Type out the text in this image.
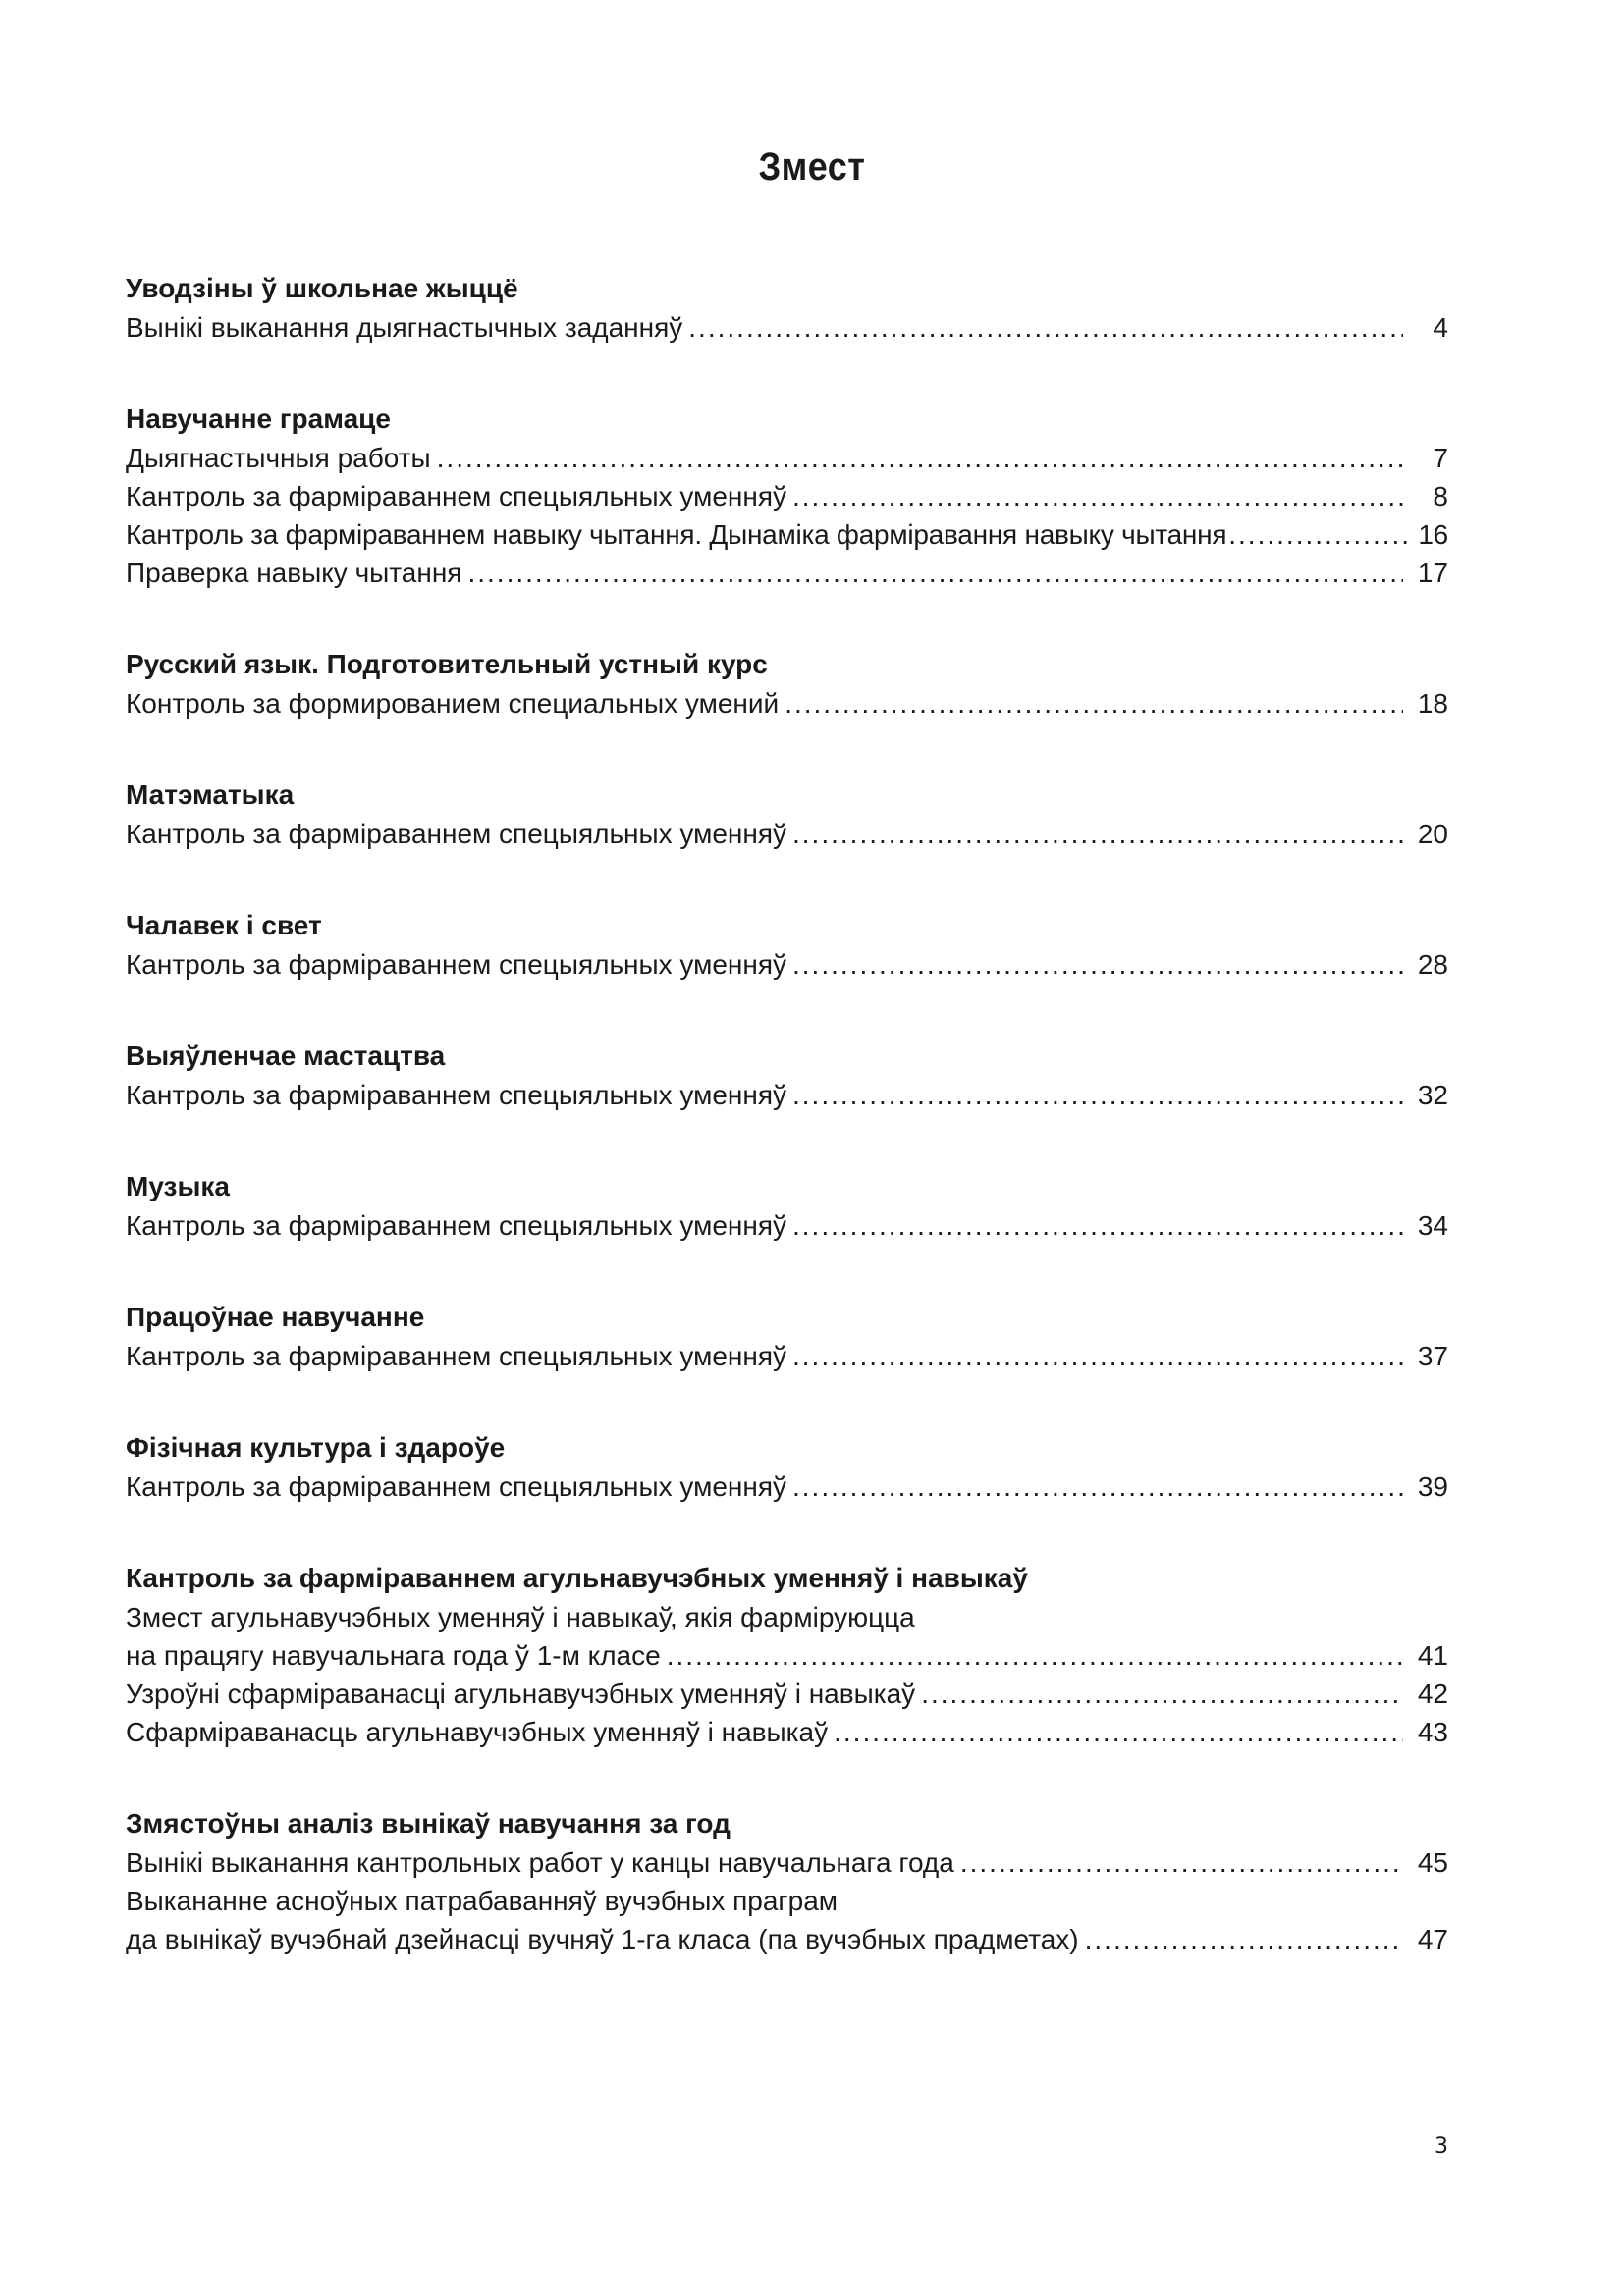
Змест
Уводзіны ў школьнае жыццё
Вынікі выканання дыягнастычных заданняў .....	4
Навучанне грамаце
Дыягнастычныя работы .....	7
Кантроль за фарміраваннем спецыяльных уменняў .....	8
Кантроль за фарміраваннем навыку чытання. Дынаміка фарміравання навыку чытання .....	16
Праверка навыку чытання .....	17
Русский язык. Подготовительный устный курс
Контроль за формированием специальных умений .....	18
Матэматыка
Кантроль за фарміраваннем спецыяльных уменняў .....	20
Чалавек і свет
Кантроль за фарміраваннем спецыяльных уменняў .....	28
Выяўленчае мастацтва
Кантроль за фарміраваннем спецыяльных уменняў .....	32
Музыка
Кантроль за фарміраваннем спецыяльных уменняў .....	34
Працоўнае навучанне
Кантроль за фарміраваннем спецыяльных уменняў .....	37
Фізічная культура і здароўе
Кантроль за фарміраваннем спецыяльных уменняў .....	39
Кантроль за фарміраваннем агульнавучэбных уменняў і навыкаў
Змест агульнавучэбных уменняў і навыкаў, якія фарміруюцца
на працягу навучальнага года ў 1-м класе .....	41
Узроўні сфарміраванасці агульнавучэбных уменняў і навыкаў .....	42
Сфарміраванасць агульнавучэбных уменняў і навыкаў .....	43
Змястоўны аналіз вынікаў навучання за год
Вынікі выканання кантрольных работ у канцы навучальнага года .....	45
Выкананне асноўных патрабаванняў вучэбных праграм
да вынікаў вучэбнай дзейнасці вучняў 1-га класа (па вучэбных прадметах) .....	47
3
